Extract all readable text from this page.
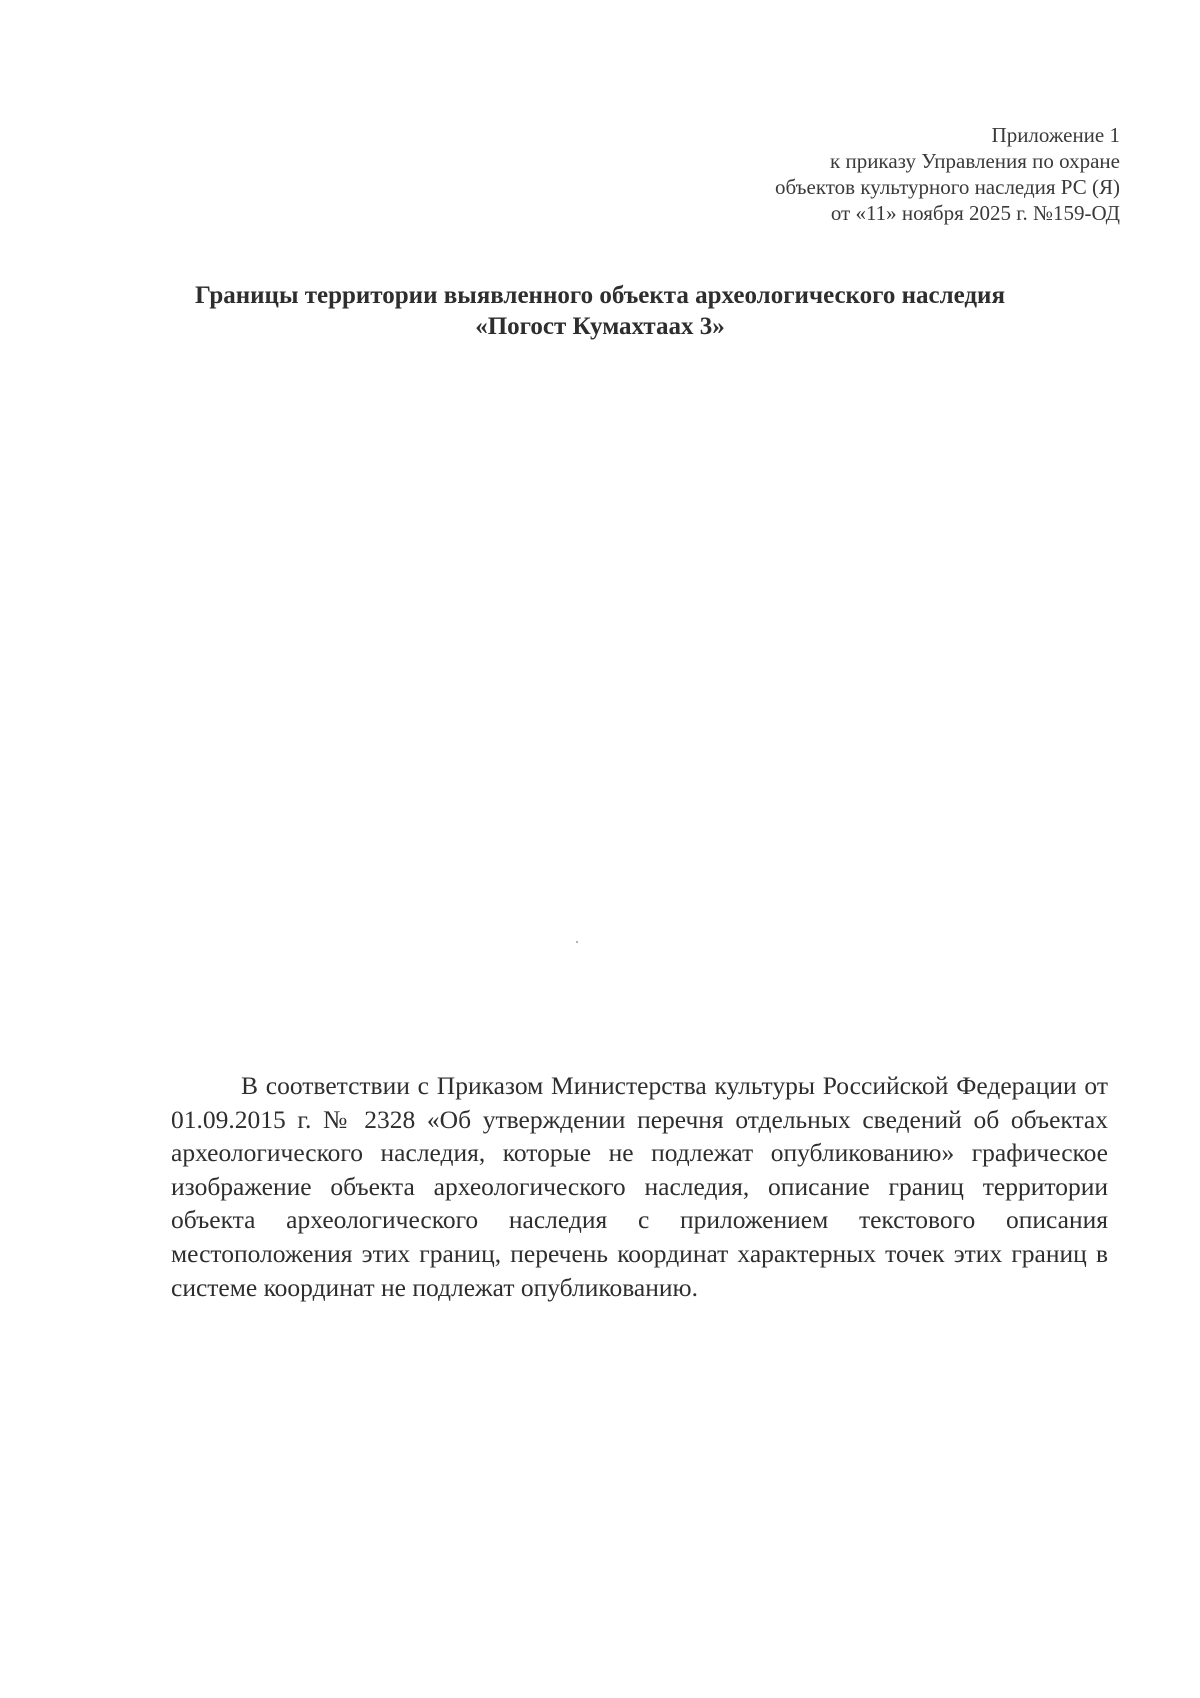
Приложение 1
к приказу Управления по охране
объектов культурного наследия РС (Я)
от «11» ноября 2025 г. №159-ОД
Границы территории выявленного объекта археологического наследия
«Погост Кумахтаах 3»

В соответствии с Приказом Министерства культуры Российской Федерации от 01.09.2015 г. № 2328 «Об утверждении перечня отдельных сведений об объектах археологического наследия, которые не подлежат опубликованию» графическое изображение объекта археологического наследия, описание границ территории объекта археологического наследия с приложением текстового описания местоположения этих границ, перечень координат характерных точек этих границ в системе координат не подлежат опубликованию.
